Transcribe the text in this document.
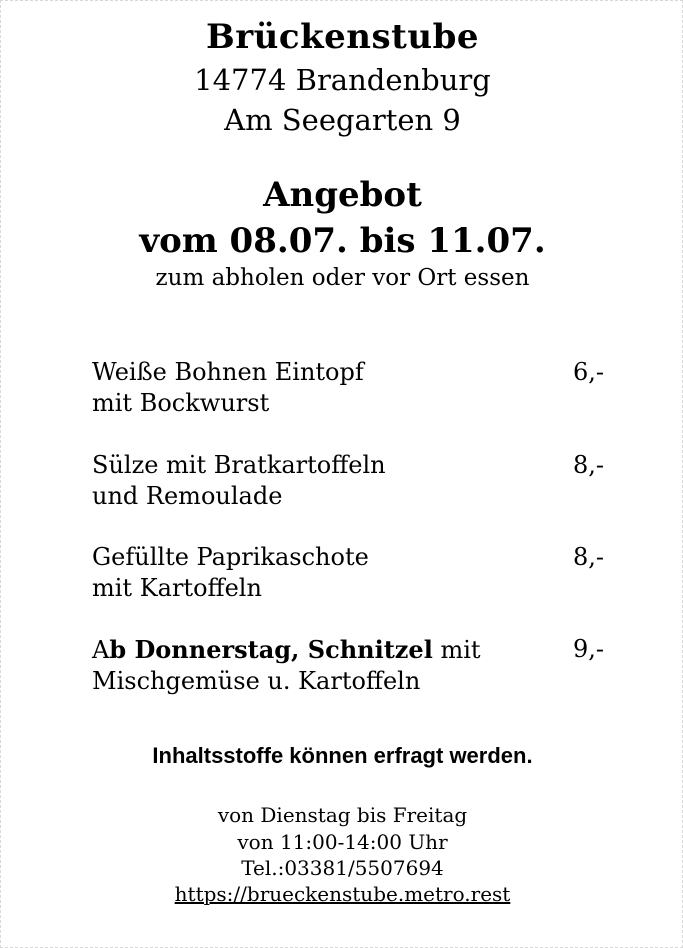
Brückenstube
14774 Brandenburg
Am Seegarten 9
Angebot
vom 08.07. bis 11.07.
zum abholen oder vor Ort essen
Weiße Bohnen Eintopf
mit Bockwurst
6,-
Sülze mit Bratkartoffeln
und Remoulade
8,-
Gefüllte Paprikaschote
mit Kartoffeln
8,-
Ab Donnerstag, Schnitzel mit
Mischgemüse u. Kartoffeln
9,-
Inhaltsstoffe können erfragt werden.
von Dienstag bis Freitag
von 11:00-14:00 Uhr
Tel.:03381/5507694
https://brueckenstube.metro.rest
